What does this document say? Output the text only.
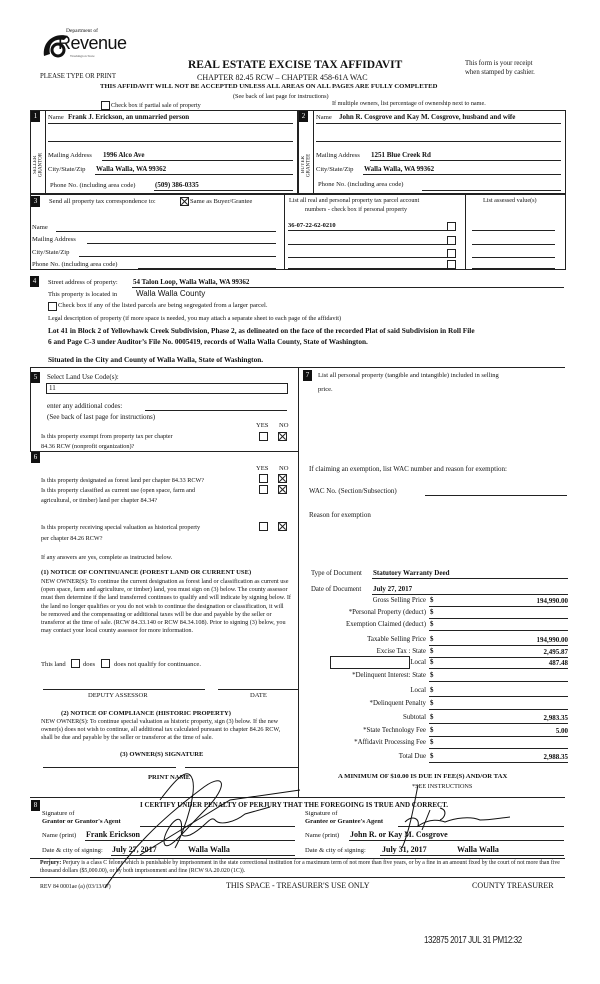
Department of
Revenue
Washington State
PLEASE TYPE OR PRINT
REAL ESTATE EXCISE TAX AFFIDAVIT
CHAPTER 82.45 RCW – CHAPTER 458-61A WAC
THIS AFFIDAVIT WILL NOT BE ACCEPTED UNLESS ALL AREAS ON ALL PAGES ARE FULLY COMPLETED
(See back of last page for instructions)
This form is your receipt
when stamped by cashier.
Check box if partial sale of property	If multiple owners, list percentage of ownership next to name.
1	2
SELLER GRANTOR	BUYER GRANTEE
Name Frank J. Erickson, an unmarried person
Mailing Address 1996 Alco Ave
City/State/Zip Walla Walla, WA 99362
Phone No. (including area code)	(509) 386-0335
Name John R. Cosgrove and Kay M. Cosgrove, husband and wife
Mailing Address 1251 Blue Creek Rd
City/State/Zip Walla Walla, WA 99362
Phone No. (including area code)
3	Send all property tax correspondence to:	Same as Buyer/Grantee
Name
Mailing Address
City/State/Zip
Phone No. (including area code)
List all real and personal property tax parcel account
numbers - check box if personal property
List assessed value(s)
36-07-22-62-0210
4	Street address of property: 54 Talon Loop, Walla Walla, WA 99362
This property is located in Walla Walla County
Check box if any of the listed parcels are being segregated from a larger parcel.
Legal description of property (if more space is needed, you may attach a separate sheet to each page of the affidavit)
Lot 41 in Block 2 of Yellowhawk Creek Subdivision, Phase 2, as delineated on the face of the recorded Plat of said Subdivision in Roll File
6 and Page C-3 under Auditor’s File No. 0005419, records of Walla Walla County, State of Washington.
Situated in the City and County of Walla Walla, State of Washington.
5	Select Land Use Code(s):
11
enter any additional codes:
(See back of last page for instructions)
YES NO
Is this property exempt from property tax per chapter
84.36 RCW (nonprofit organization)?
6
YES NO
Is this property designated as forest land per chapter 84.33 RCW?
Is this property classified as current use (open space, farm and
agricultural, or timber) land per chapter 84.34?
Is this property receiving special valuation as historical property
per chapter 84.26 RCW?
If any answers are yes, complete as instructed below.
(1) NOTICE OF CONTINUANCE (FOREST LAND OR CURRENT USE)
NEW OWNER(S): To continue the current designation as forest land or classification as current use (open space, farm and agriculture, or timber) land, you must sign on (3) below. The county assessor must then determine if the land transferred continues to qualify and will indicate by signing below. If the land no longer qualifies or you do not wish to continue the designation or classification, it will be removed and the compensating or additional taxes will be due and payable by the seller or transferor at the time of sale. (RCW 84.33.140 or RCW 84.34.108). Prior to signing (3) below, you may contact your local county assessor for more information.
This land	does	does not qualify for continuance.
DEPUTY ASSESSOR	DATE
(2) NOTICE OF COMPLIANCE (HISTORIC PROPERTY)
NEW OWNER(S): To continue special valuation as historic property, sign (3) below. If the new owner(s) does not wish to continue, all additional tax calculated pursuant to chapter 84.26 RCW, shall be due and payable by the seller or transferor at the time of sale.
(3) OWNER(S) SIGNATURE
PRINT NAME
7	List all personal property (tangible and intangible) included in selling
price.
If claiming an exemption, list WAC number and reason for exemption:
WAC No. (Section/Subsection)
Reason for exemption
Type of Document Statutory Warranty Deed
Date of Document July 27, 2017
Gross Selling Price $	194,990.00
*Personal Property (deduct) $
Exemption Claimed (deduct) $
Taxable Selling Price $	194,990.00
Excise Tax : State $	2,495.87
Local $	487.48
*Delinquent Interest: State $
Local $
*Delinquent Penalty $
Subtotal $	2,983.35
*State Technology Fee $	5.00
*Affidavit Processing Fee $
Total Due $	2,988.35
A MINIMUM OF $10.00 IS DUE IN FEE(S) AND/OR TAX
*SEE INSTRUCTIONS
8	I CERTIFY UNDER PENALTY OF PERJURY THAT THE FOREGOING IS TRUE AND CORRECT.
Signature of
Grantor or Grantor's Agent
Name (print) Frank Erickson
Date & city of signing: July 27, 2017	Walla Walla
Signature of
Grantee or Grantee's Agent
Name (print) John R. or Kay M. Cosgrove
Date & city of signing: July 31, 2017	Walla Walla
Perjury: Perjury is a class C felony which is punishable by imprisonment in the state correctional institution for a maximum term of not more than five years, or by a fine in an amount fixed by the court of not more than five thousand dollars ($5,000.00), or by both imprisonment and fine (RCW 9A.20.020 (1C)).
REV 84 0001ae (a) (03/13/07)	THIS SPACE - TREASURER'S USE ONLY	COUNTY TREASURER
132875 2017 JUL 31 PM12:32
